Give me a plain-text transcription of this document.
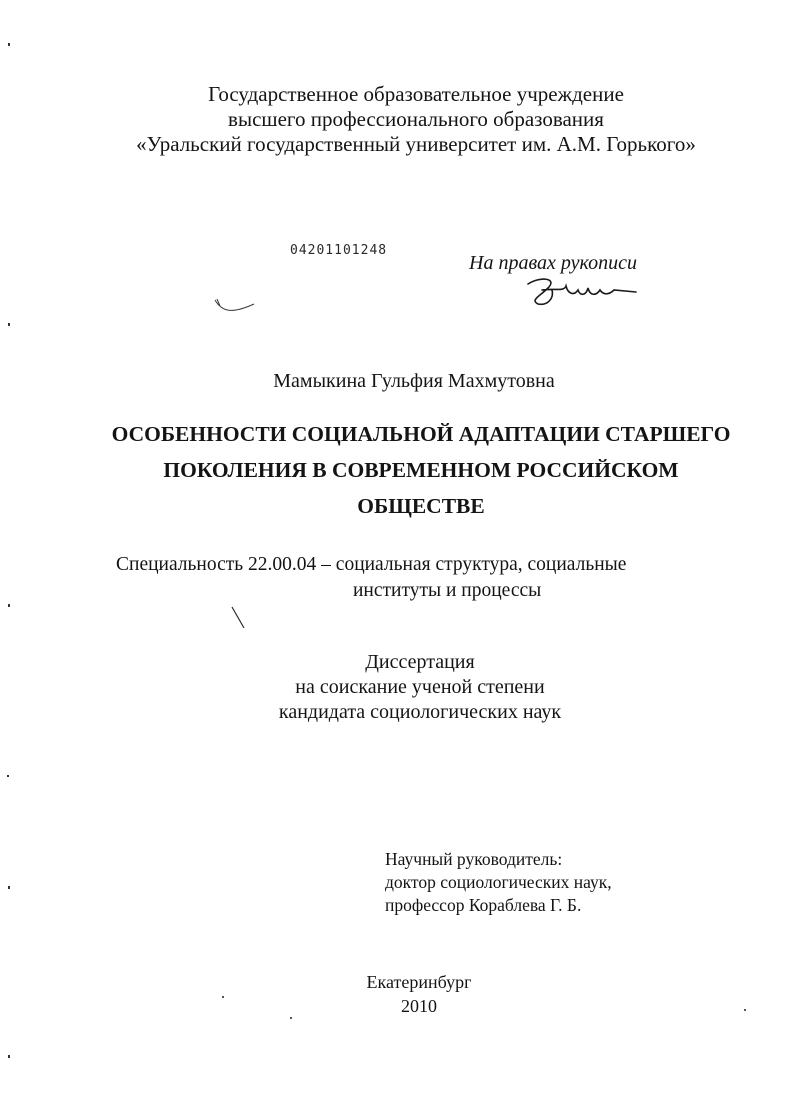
Государственное образовательное учреждение
высшего профессионального образования
«Уральский государственный университет им. А.М. Горького»
04201101248
На правах рукописи
Мамыкина Гульфия Махмутовна
ОСОБЕННОСТИ СОЦИАЛЬНОЙ АДАПТАЦИИ СТАРШЕГО
ПОКОЛЕНИЯ В СОВРЕМЕННОМ РОССИЙСКОМ
ОБЩЕСТВЕ
Специальность 22.00.04 – социальная структура, социальные
институты и процессы
Диссертация
на соискание ученой степени
кандидата социологических наук
Научный руководитель:
доктор социологических наук,
профессор Кораблева Г. Б.
Екатеринбург
2010
